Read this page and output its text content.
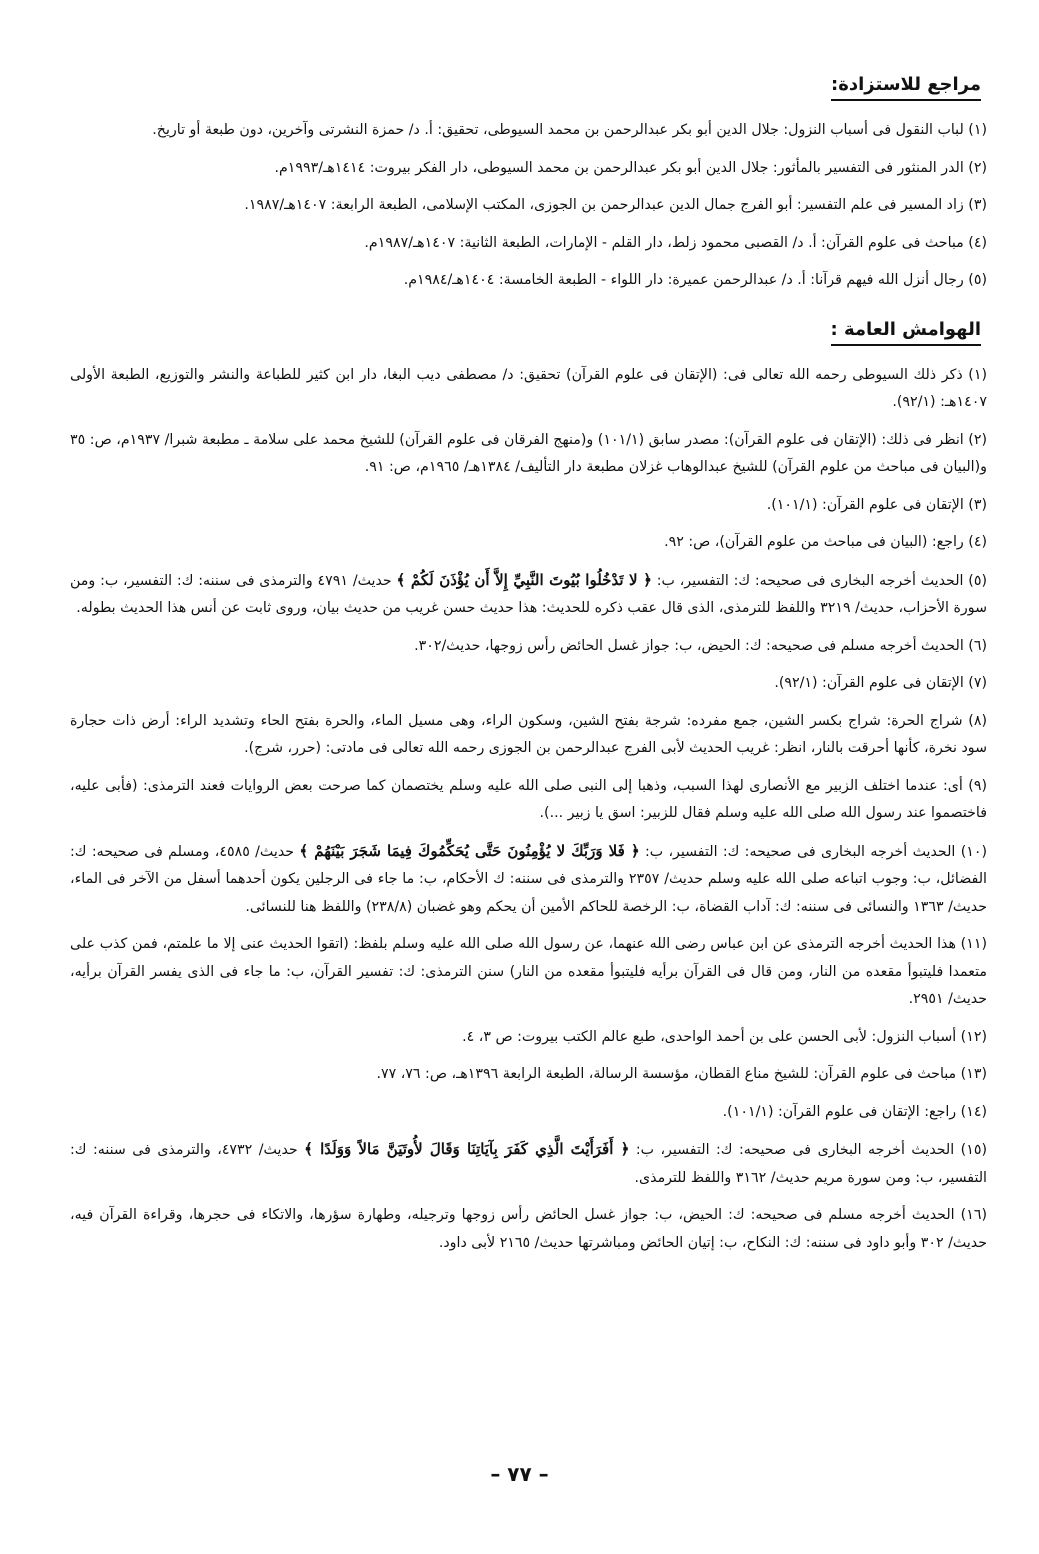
مراجع للاستزادة:

(١) لباب النقول فى أسباب النزول: جلال الدين أبو بكر عبدالرحمن بن محمد السيوطى، تحقيق: أ. د/ حمزة النشرتى وآخرين، دون طبعة أو تاريخ.

(٢) الدر المنثور فى التفسير بالمأثور: جلال الدين أبو بكر عبدالرحمن بن محمد السيوطى، دار الفكر بيروت: ١٤١٤هـ/١٩٩٣م.

(٣) زاد المسير فى علم التفسير: أبو الفرج جمال الدين عبدالرحمن بن الجوزى، المكتب الإسلامى، الطبعة الرابعة: ١٤٠٧هـ/١٩٨٧.

(٤) مباحث فى علوم القرآن: أ. د/ القصبى محمود زلط، دار القلم - الإمارات، الطبعة الثانية: ١٤٠٧هـ/١٩٨٧م.

(٥) رجال أنزل الله فيهم قرآنا: أ. د/ عبدالرحمن عميرة: دار اللواء - الطبعة الخامسة: ١٤٠٤هـ/١٩٨٤م.

الهوامش العامة :

(١) ذكر ذلك السيوطى رحمه الله تعالى فى: (الإتقان فى علوم القرآن) تحقيق: د/ مصطفى ديب البغا، دار ابن كثير للطباعة والنشر والتوزيع، الطبعة الأولى ١٤٠٧هـ: (٩٢/١).

(٢) انظر فى ذلك: (الإتقان فى علوم القرآن): مصدر سابق (١٠١/١) و(منهج الفرقان فى علوم القرآن) للشيخ محمد على سلامة ـ مطبعة شبرا/ ١٩٣٧م، ص: ٣٥ و(البيان فى مباحث من علوم القرآن) للشيخ عبدالوهاب غزلان مطبعة دار التأليف/ ١٣٨٤هـ/ ١٩٦٥م، ص: ٩١.

(٣) الإتقان فى علوم القرآن: (١٠١/١).

(٤) راجع: (البيان فى مباحث من علوم القرآن)، ص: ٩٢.

(٥) الحديث أخرجه البخارى فى صحيحه: ك: التفسير، ب: ﴿ لا تَدْخُلُوا بُيُوتَ النَّبِيِّ إِلاَّ أَن يُؤْذَنَ لَكُمْ ﴾ حديث/ ٤٧٩١ والترمذى فى سننه: ك: التفسير، ب: ومن سورة الأحزاب، حديث/ ٣٢١٩ واللفظ للترمذى، الذى قال عقب ذكره للحديث: هذا حديث حسن غريب من حديث بيان، وروى ثابت عن أنس هذا الحديث بطوله.

(٦) الحديث أخرجه مسلم فى صحيحه: ك: الحيض، ب: جواز غسل الحائض رأس زوجها، حديث/٣٠٢.

(٧) الإتقان فى علوم القرآن: (٩٢/١).

(٨) شراج الحرة: شراج بكسر الشين، جمع مفرده: شرجة بفتح الشين، وسكون الراء، وهى مسيل الماء، والحرة بفتح الحاء وتشديد الراء: أرض ذات حجارة سود نخرة، كأنها أحرقت بالنار، انظر: غريب الحديث لأبى الفرج عبدالرحمن بن الجوزى رحمه الله تعالى فى مادتى: (حرر، شرج).

(٩) أى: عندما اختلف الزبير مع الأنصارى لهذا السبب، وذهبا إلى النبى صلى الله عليه وسلم يختصمان كما صرحت بعض الروايات فعند الترمذى: (فأبى عليه، فاختصموا عند رسول الله صلى الله عليه وسلم فقال للزبير: اسق يا زبير ...).

(١٠) الحديث أخرجه البخارى فى صحيحه: ك: التفسير، ب: ﴿ فَلا وَرَبِّكَ لا يُؤْمِنُونَ حَتَّى يُحَكِّمُوكَ فِيمَا شَجَرَ بَيْنَهُمْ ﴾ حديث/ ٤٥٨٥، ومسلم فى صحيحه: ك: الفضائل، ب: وجوب اتباعه صلى الله عليه وسلم حديث/ ٢٣٥٧ والترمذى فى سننه: ك الأحكام، ب: ما جاء فى الرجلين يكون أحدهما أسفل من الآخر فى الماء، حديث/ ١٣٦٣ والنسائى فى سننه: ك: آداب القضاة، ب: الرخصة للحاكم الأمين أن يحكم وهو غضبان (٢٣٨/٨) واللفظ هنا للنسائى.

(١١) هذا الحديث أخرجه الترمذى عن ابن عباس رضى الله عنهما، عن رسول الله صلى الله عليه وسلم بلفظ: (اتقوا الحديث عنى إلا ما علمتم، فمن كذب على متعمدا فليتبوأ مقعده من النار، ومن قال فى القرآن برأيه فليتبوأ مقعده من النار) سنن الترمذى: ك: تفسير القرآن، ب: ما جاء فى الذى يفسر القرآن برأيه، حديث/ ٢٩٥١.

(١٢) أسباب النزول: لأبى الحسن على بن أحمد الواحدى، طبع عالم الكتب بيروت: ص ٣، ٤.

(١٣) مباحث فى علوم القرآن: للشيخ مناع القطان، مؤسسة الرسالة، الطبعة الرابعة ١٣٩٦هـ، ص: ٧٦، ٧٧.

(١٤) راجع: الإتقان فى علوم القرآن: (١٠١/١).

(١٥) الحديث أخرجه البخارى فى صحيحه: ك: التفسير، ب: ﴿ أَفَرَأَيْتَ الَّذِي كَفَرَ بِآيَاتِنَا وَقَالَ لأُوتَيَنَّ مَالاً وَوَلَدًا ﴾ حديث/ ٤٧٣٢، والترمذى فى سننه: ك: التفسير، ب: ومن سورة مريم حديث/ ٣١٦٢ واللفظ للترمذى.

(١٦) الحديث أخرجه مسلم فى صحيحه: ك: الحيض، ب: جواز غسل الحائض رأس زوجها وترجيله، وطهارة سؤرها، والاتكاء فى حجرها، وقراءة القرآن فيه، حديث/ ٣٠٢ وأبو داود فى سننه: ك: النكاح، ب: إتيان الحائض ومباشرتها حديث/ ٢١٦٥ لأبى داود.

– ٧٧ –
